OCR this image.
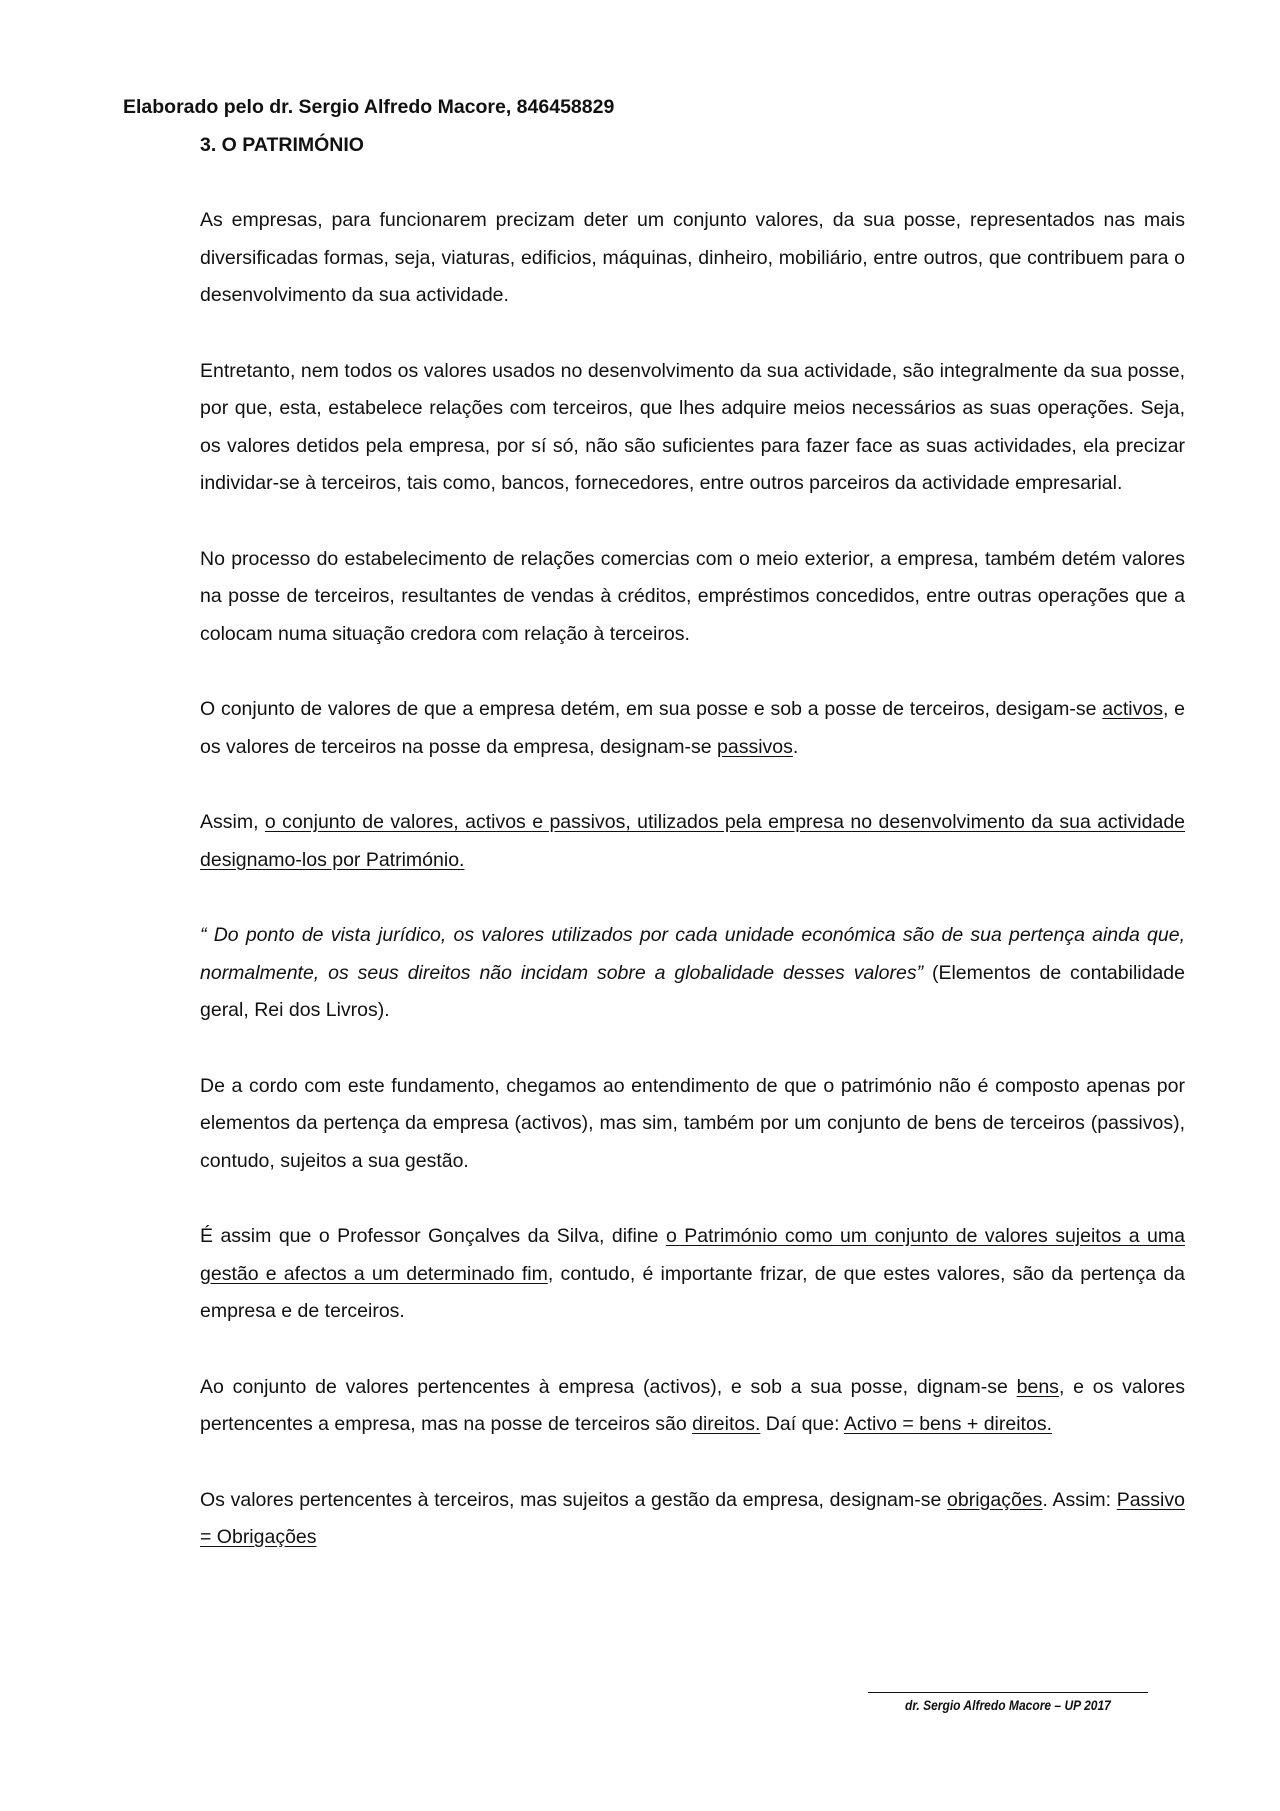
Elaborado pelo dr. Sergio Alfredo Macore, 846458829

3. O PATRIMÓNIO

As empresas, para funcionarem precizam deter um conjunto valores, da sua posse, representados nas mais diversificadas formas, seja, viaturas, edificios, máquinas, dinheiro, mobiliário, entre outros, que contribuem para o desenvolvimento da sua actividade.

Entretanto, nem todos os valores usados no desenvolvimento da sua actividade, são integralmente da sua posse, por que, esta, estabelece relações com terceiros, que lhes adquire meios necessários as suas operações. Seja, os valores detidos pela empresa, por sí só, não são suficientes para fazer face as suas actividades, ela precizar individar-se à terceiros, tais como, bancos, fornecedores, entre outros parceiros da actividade empresarial.

No processo do estabelecimento de relações comercias com o meio exterior, a empresa, também detém valores na posse de terceiros, resultantes de vendas à créditos, empréstimos concedidos, entre outras operações que a colocam numa situação credora com relação à terceiros.

O conjunto de valores de que a empresa detém, em sua posse e sob a posse de terceiros, desigam-se activos, e os valores de terceiros na posse da empresa, designam-se passivos.

Assim, o conjunto de valores, activos e passivos, utilizados pela empresa no desenvolvimento da sua actividade designamo-los por Património.

“ Do ponto de vista jurídico, os valores utilizados por cada unidade económica são de sua pertença ainda que, normalmente, os seus direitos não incidam sobre a globalidade desses valores” (Elementos de contabilidade geral, Rei dos Livros).

De a cordo com este fundamento, chegamos ao entendimento de que o património não é composto apenas por elementos da pertença da empresa (activos), mas sim, também por um conjunto de bens de terceiros (passivos), contudo, sujeitos a sua gestão.

É assim que o Professor Gonçalves da Silva, difine o Património como um conjunto de valores sujeitos a uma gestão e afectos a um determinado fim, contudo, é importante frizar, de que estes valores, são da pertença da empresa e de terceiros.

Ao conjunto de valores pertencentes à empresa (activos), e sob a sua posse, dignam-se bens, e os valores pertencentes a empresa, mas na posse de terceiros são direitos. Daí que: Activo = bens + direitos.

Os valores pertencentes à terceiros, mas sujeitos a gestão da empresa, designam-se obrigações. Assim: Passivo = Obrigações

dr. Sergio Alfredo Macore – UP 2017
